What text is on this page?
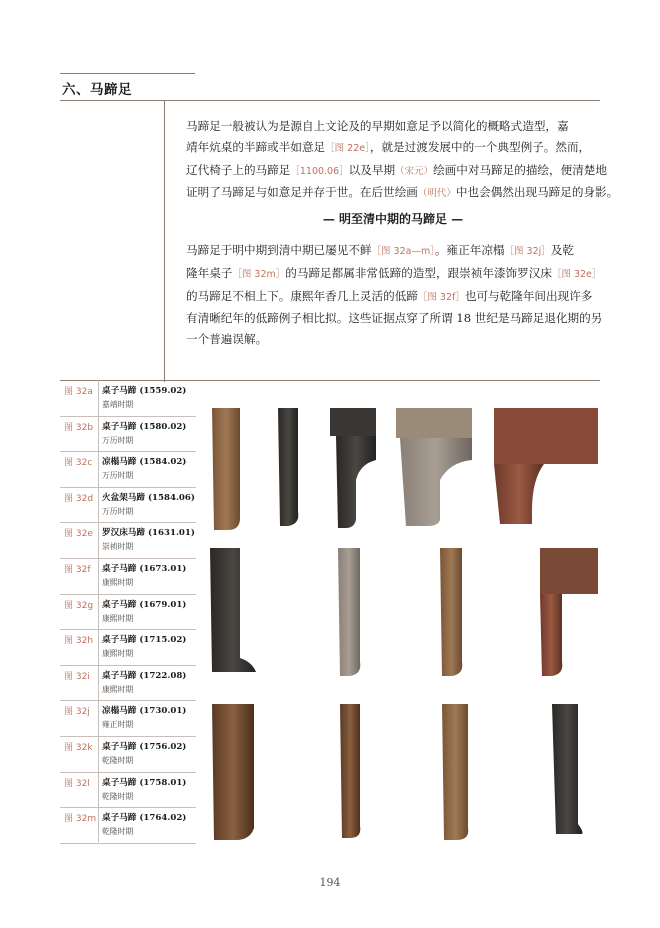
六、马蹄足
马蹄足一般被认为是源自上文论及的早期如意足予以简化的概略式造型，嘉
靖年炕桌的半蹄或半如意足［图 22e］，就是过渡发展中的一个典型例子。然而，
辽代椅子上的马蹄足［1100.06］以及早期（宋元）绘画中对马蹄足的描绘，便清楚地
证明了马蹄足与如意足并存于世。在后世绘画（明代）中也会偶然出现马蹄足的身影。
— 明至清中期的马蹄足 —
马蹄足于明中期到清中期已屡见不鲜［图 32a—m］。雍正年凉榻［图 32j］及乾
隆年桌子［图 32m］的马蹄足都属非常低蹄的造型，跟崇祯年漆饰罗汉床［图 32e］
的马蹄足不相上下。康熙年香几上灵活的低蹄［图 32f］也可与乾隆年间出现许多
有清晰纪年的低蹄例子相比拟。这些证据点穿了所谓 18 世纪是马蹄足退化期的另
一个普遍误解。
图 32a 桌子马蹄 (1559.02)
嘉靖时期
图 32b 桌子马蹄 (1580.02)
万历时期
图 32c 凉榻马蹄 (1584.02)
万历时期
图 32d 火盆架马蹄 (1584.06)
万历时期
图 32e 罗汉床马蹄 (1631.01)
崇祯时期
图 32f 桌子马蹄 (1673.01)
康熙时期
图 32g 桌子马蹄 (1679.01)
康熙时期
图 32h 桌子马蹄 (1715.02)
康熙时期
图 32i 桌子马蹄 (1722.08)
康熙时期
图 32j 凉榻马蹄 (1730.01)
雍正时期
图 32k 桌子马蹄 (1756.02)
乾隆时期
图 32l 桌子马蹄 (1758.01)
乾隆时期
图 32m 桌子马蹄 (1764.02)
乾隆时期
194
